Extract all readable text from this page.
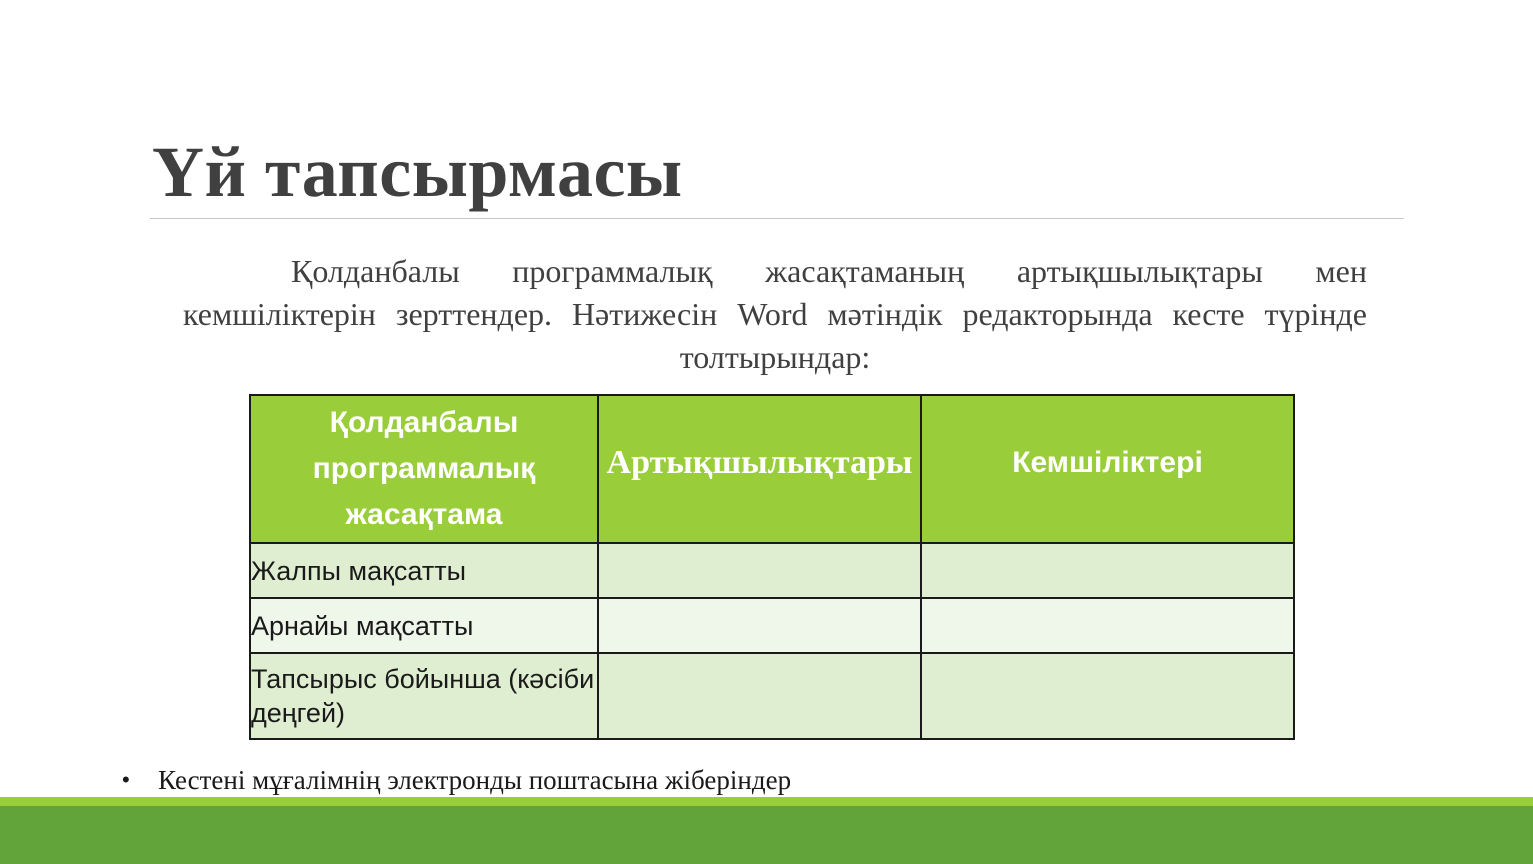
Үй тапсырмасы
Қолданбалы программалық жасақтаманың артықшылықтары мен кемшіліктерін зерттендер. Нәтижесін Word мәтіндік редакторында кесте түрінде толтырындар:
Қолданбалы программалық жасақтама	Артықшылықтары	Кемшіліктері

Жалпы мақсатты		
Арнайы мақсатты		
Тапсырыс бойынша (кәсіби деңгей)		
• Кестені мұғалімнің электронды поштасына жіберіндер
